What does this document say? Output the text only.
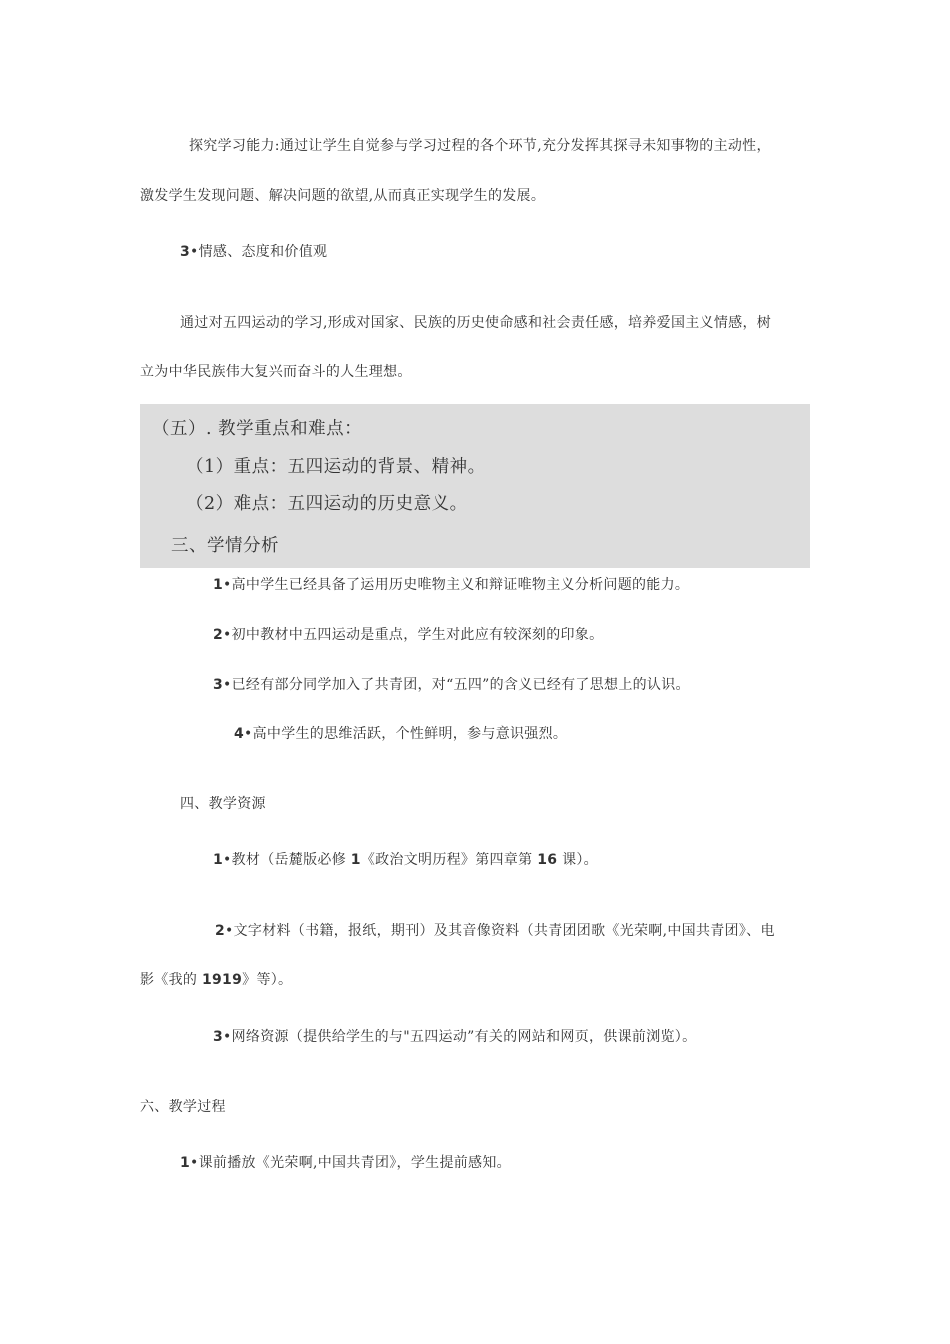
探究学习能力:通过让学生自觉参与学习过程的各个环节,充分发挥其探寻未知事物的主动性，
激发学生发现问题、解决问题的欲望,从而真正实现学生的发展。
3•情感、态度和价值观
通过对五四运动的学习,形成对国家、民族的历史使命感和社会责任感，培养爱国主义情感，树
立为中华民族伟大复兴而奋斗的人生理想。
（五）. 教学重点和难点：
（1）重点：五四运动的背景、精神。
（2）难点：五四运动的历史意义。
三、学情分析
1•高中学生已经具备了运用历史唯物主义和辩证唯物主义分析问题的能力。
2•初中教材中五四运动是重点，学生对此应有较深刻的印象。
3•已经有部分同学加入了共青团，对“五四”的含义已经有了思想上的认识。
4•高中学生的思维活跃，个性鲜明，参与意识强烈。
四、教学资源
1•教材（岳麓版必修 1《政治文明历程》第四章第 16 课）。
2•文字材料（书籍，报纸，期刊）及其音像资料（共青团团歌《光荣啊,中国共青团》、电
影《我的 1919》等）。
3•网络资源（提供给学生的与"五四运动”有关的网站和网页，供课前浏览）。
六、教学过程
1•课前播放《光荣啊,中国共青团》，学生提前感知。
